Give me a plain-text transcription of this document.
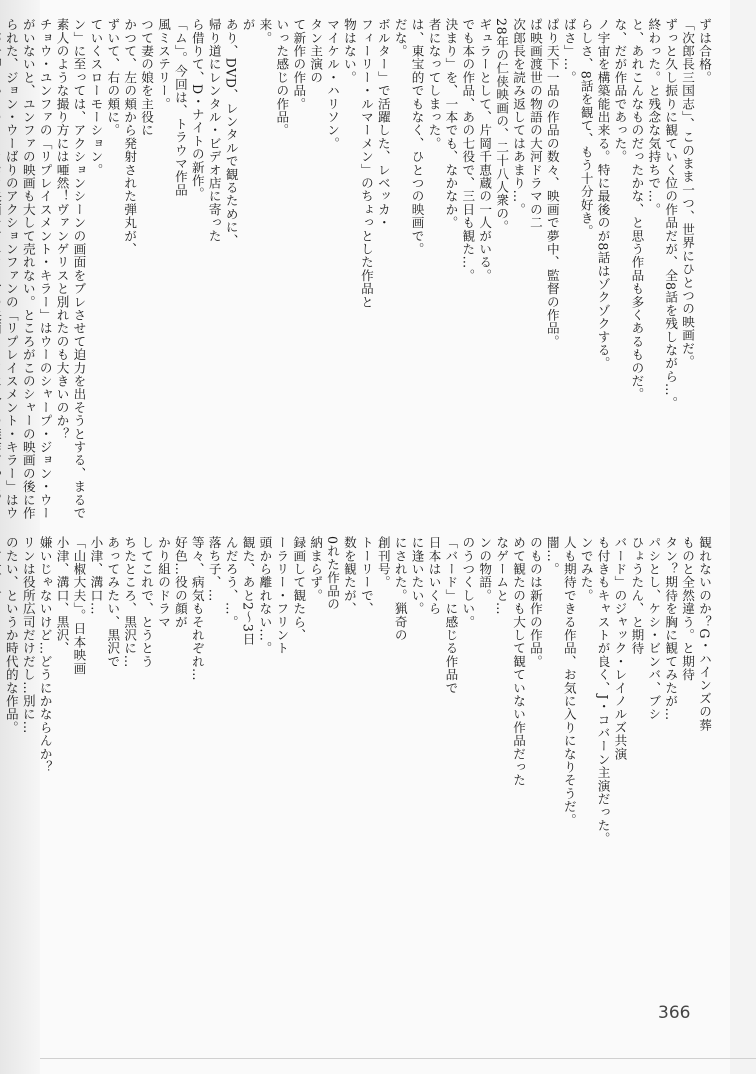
ずは合格。
「次郎長三国志」、このまま一つ、世界にひとつの映画だ。
ずっと久し振りに観ていく位の作品だが、全8話を残しながら…。
終わった。と残念な気持ちで…。
と、あれこんなものだったかな、と思う作品も多くあるものだ。
な、だが作品であった。
ノ宇宙を構築能出来る。特に最後のが8話はゾクゾクする。
らしさ、8話を観て、もう十分好き。
ばさ」…。
ぱり天下一品の作品の数々、映画で夢中、監督の作品。
ぱ映画渡世の物語の大河ドラマの二
次郎長を読み返してはあまり…。
28年の仁侠映画の、二十八人衆の。
ギュラーとして、片岡千恵蔵の一人がいる。
でも本の作品、あの七役で、三日も観た…。
決まり」を、一本でも、なかなか。
者になってしまった。
は、東宝的でもなく、ひとつの映画で。
だな。
ボルター」で活躍した、レベッカ・
フィーリー・ルマーメン」のちょっとした作品と
物はない。
マイケル・ハリソン。
タン主演の
て新作の作品。
いった感じの作品。
来。
が
あり、DVD、レンタルで観るために、
帰り道にレンタル・ビデオ店に寄った
ら借りて、D・ナイトの新作。
「ム」。今回は、トラウマ作品
風ミステリー。
つて妻の娘を主役に
かつて、左の頬から発射された弾丸が、
ずいて、右の頬に。
ていくスローモーション。
ン」に至っては、アクションシーンの画面をブレさせて迫力を出そうとする、まるで素人のような撮り方には唖然！ヴァンゲリスと別れたのも大きいのか？
チョウ・ユンファの「リプレイスメント・キラー」はウーのシャープ・ジョン・ウーがいないと、ユンファの映画も大して売れない。ところがこのシャーの映画の後に作られた、ジョン・ウーばりのアクションファンの「リプレイスメント・キラー」はウ

観れないのか？G・ハインズの葬
ものと全然違う。と期待
タン？期待を胸に観てみたが…
パシとし、ケシ・ビンバ、ブシ
ひょうたん、と期待
バード」のジャック・レイノルズ共演
も付きもキャストが良く、J・コバーン主演だった。
ンでみた。
人も期待できる作品、お気に入りになりそうだ。
闇…。
のものは新作の作品。
めて観たのも大して観ていない作品だった
なゲームと…
ンの物語。
のうつくしい。
「バード」に感じる作品で
日本はいくら
に逢いたい。
にされた。猟奇の
創刊号。
トーリーで、
数を観たが、
0れた作品の
納まらず。
録画して観たら、
ーラリー・フリント
頭から離れない…。
観た、あと2〜3日
んだろう、…。
落ち子、…
等々、病気もそれぞれ…
好色…役の顔が
かり組のドラマ
してこれで、とうとう
ちたところ、黒沢に…
あってみたい、黒沢で
小津、溝口…
「山椒大夫」。日本映画
小津、溝口、黒沢、
嫌いじゃないけど…どうにかならんか？
リンは役所広司だけだし…別に…
のたい、というか時代的な作品。

366
